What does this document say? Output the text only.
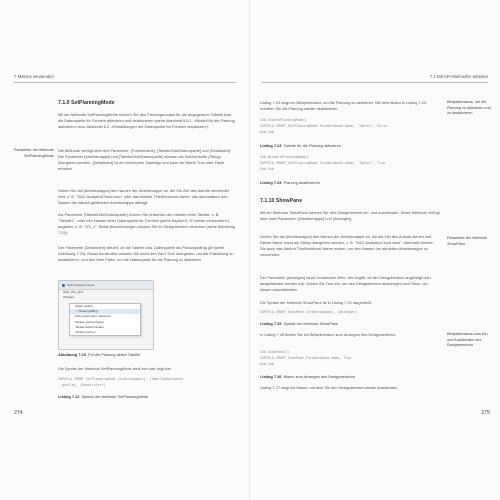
7 Makros verwenden
7.1.9 SetPlanningMode

Mit der Methode SetPlanningMode können Sie den Planungsmodus für die angegebene Tabelle bzw. die Datenquelle für Formeln aktivieren und deaktivieren (siehe Abschnitt 5.5.1, »Modell für die Planung aktivieren« bzw. Abschnitt 6.2, »Einstellungen der Datenquelle für Formeln anpassen«).

Die Methode verfügt über drei Parameter: [Formelname], [TabelleOderDatenquelle] und [Deaktiviert]. Die Parameter [Arbeitsmappe] und [TabelleOderDatenquelle] müssen als Zeichenkette (String) übergeben werden. [Deaktiviert] ist ein boolescher Datentyp und kann die Werte True oder False erhalten.

Geben Sie als [Arbeitsmappe] den Namen der Arbeitsmappe an, die Sie Ziel des Aufrufs verwendet wird, z. B. "SAC.AnalyticsCloud.xlsm" oder das Attribut ThisWorkbook.Name, das automatisch den Namen der aktuell geöffneten Arbeitsmappe abfragt.

Als Parameter [TabelleOderDatenquelle] können Sie entweder den Namen einer Tabelle, z. B. "Tabelle1", oder den Namen einer Datenquelle für Formeln (siehe Kapitel 6, »Formeln verwenden«) angeben, z. B. "DS_1". Beide Bezeichnungen können Sie im Designbereich einsehen (siehe Abbildung 7.23).

Der Parameter [Deaktiviert] steuert, ob die Tabelle bzw. Datenquelle als Planungsfähig gilt (siehe Abbildung 7.23). Etwas konstruktiv müssen Sie dafür den Wert True übergeben, um die Einstellung zu deaktivieren, und den Wert False, um die Datenquelle für die Planung zu aktivieren.

Parameter der Methode SetPlanningMode
SAP Analytics Cloud
SAP_VKL_001
Tabelle1
Zeilen ändern
✓Planungsfähig
Planungsbereich aktivieren
Tabelle nachverfolgen
Tabelle ausschneiden
Tabelle löschen
Abbildung 7.23 Für die Planung aktive Tabelle

Die Syntax der Methode SetPlanningMode stellt sich wie folgt dar:

SAPSFLA_SMART_SetPlanningMode [Arbeitsmappe], [TabelleOderDaten-
quelle], [Deaktiviert]
Listing 7.22 Syntax der Methode SetPlanningMode
274
7.1 Mit API-Methoden arbeiten

Listing 7.23 zeigt ein Beispielmakro, um die Planung zu aktivieren. Mit dem Makro in Listing 7.24 schalten Sie die Planung wieder deaktivieren.

Sub EnablePlanningMode()
SAPSFLA_SMART_SetPlanningMode ThisWorkbook.Name, "Table1", False
End Sub
Listing 7.23 Tabelle für die Planung aktivieren
Sub DisablePlanningMode()
SAPSFLA_SMART_SetPlanningMode ThisWorkbook.Name, "Table1", True
End Sub
Listing 7.24 Planung deaktivieren
7.1.10 ShowPane

Mit der Methode ShowPane können Sie den Designbereich ein- und ausblenden. Diese Methode verfügt über zwei Parameter: [Arbeitsmappe] und [Anzeigen].

Geben Sie als [Arbeitsmappe] den Namen der Arbeitsmappe an, die als Ziel des Aufrufs dienen soll. Dieser Name muss als String übergeben werden, z. B. "SAC.AnalyticsCloud.xlsm". Alternativ können Sie auch das Attribut ThisWorkbook.Name nutzen, um den Namen der aktuellen Arbeitsmappe zu verwenden.

Der Parameter [Anzeigen] ist ein boolescher Wert, der angibt, ob der Designbereich angezeigt oder ausgeblendet werden soll. Geben Sie True ein, um den Designbereich anzuzeigen und False, um diesen auszublenden.

Die Syntax der Methode ShowPane ist in Listing 7.25 dargestellt:

SAPSFLA_SMART_ShowPane [Arbeitsmappe], [Anzeigen]
Listing 7.25 Syntax der Methode ShowPane

In Listing 7.26 finden Sie ein Beispielmakro zum Anzeigen des Designbereichs.

Sub ShowPanel()
SAPSFLA_SMART_ShowPane ThisWorkbook.Name, True
End Sub
Listing 7.26 Makro zum Anzeigen des Designbereichs

Listing 7.27 zeigt ein Makro, mit dem Sie den Designbereich wieder ausblenden.

Beispielmakros, um die Planung zu aktivieren und zu deaktivieren
Parameter der Methode ShowPane
Beispielmakros zum Ein- und Ausblenden des Designbereichs
275
